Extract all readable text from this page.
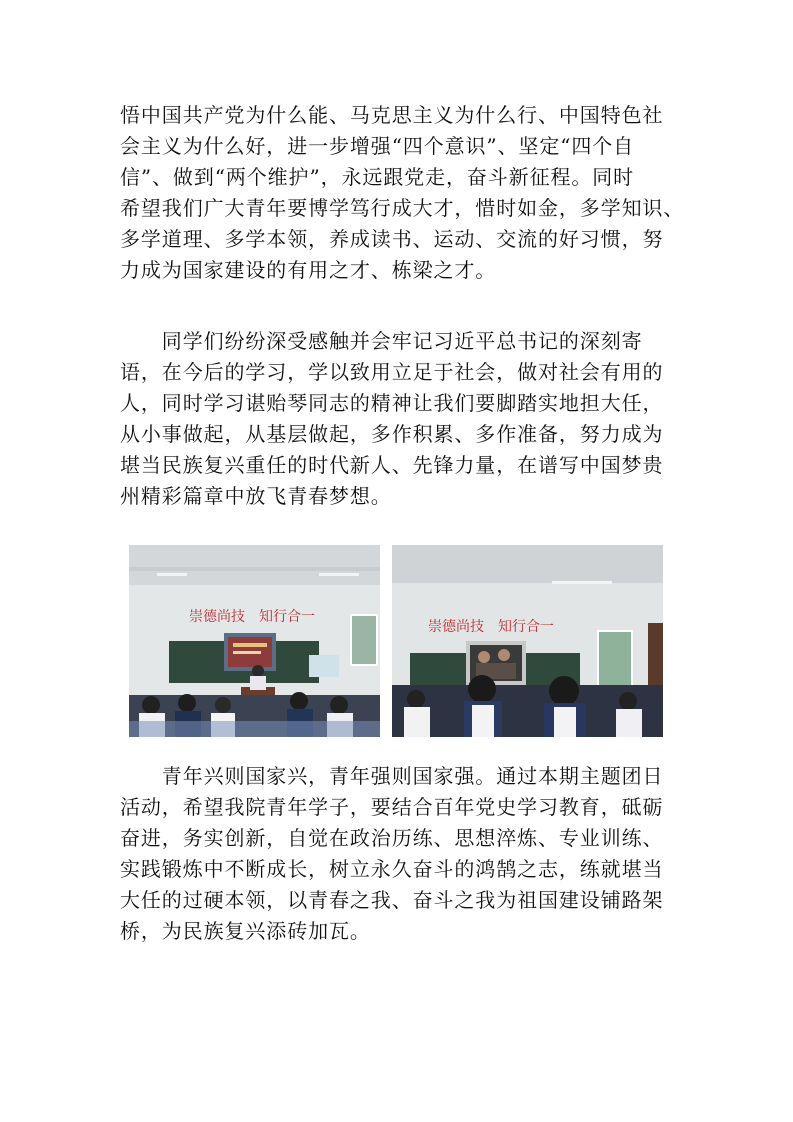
悟中国共产党为什么能、马克思主义为什么行、中国特色社
会主义为什么好，进一步增强“四个意识”、坚定“四个自
信”、做到“两个维护”，永远跟党走，奋斗新征程。同时
希望我们广大青年要博学笃行成大才，惜时如金，多学知识、
多学道理、多学本领，养成读书、运动、交流的好习惯，努
力成为国家建设的有用之才、栋梁之才。
　　同学们纷纷深受感触并会牢记习近平总书记的深刻寄
语，在今后的学习，学以致用立足于社会，做对社会有用的
人，同时学习谌贻琴同志的精神让我们要脚踏实地担大任，
从小事做起，从基层做起，多作积累、多作准备，努力成为
堪当民族复兴重任的时代新人、先锋力量，在谱写中国梦贵
州精彩篇章中放飞青春梦想。
崇德尚技　知行合一
崇德尚技　知行合一
　　青年兴则国家兴，青年强则国家强。通过本期主题团日
活动，希望我院青年学子，要结合百年党史学习教育，砥砺
奋进，务实创新，自觉在政治历练、思想淬炼、专业训练、
实践锻炼中不断成长，树立永久奋斗的鸿鹄之志，练就堪当
大任的过硬本领，以青春之我、奋斗之我为祖国建设铺路架
桥，为民族复兴添砖加瓦。
